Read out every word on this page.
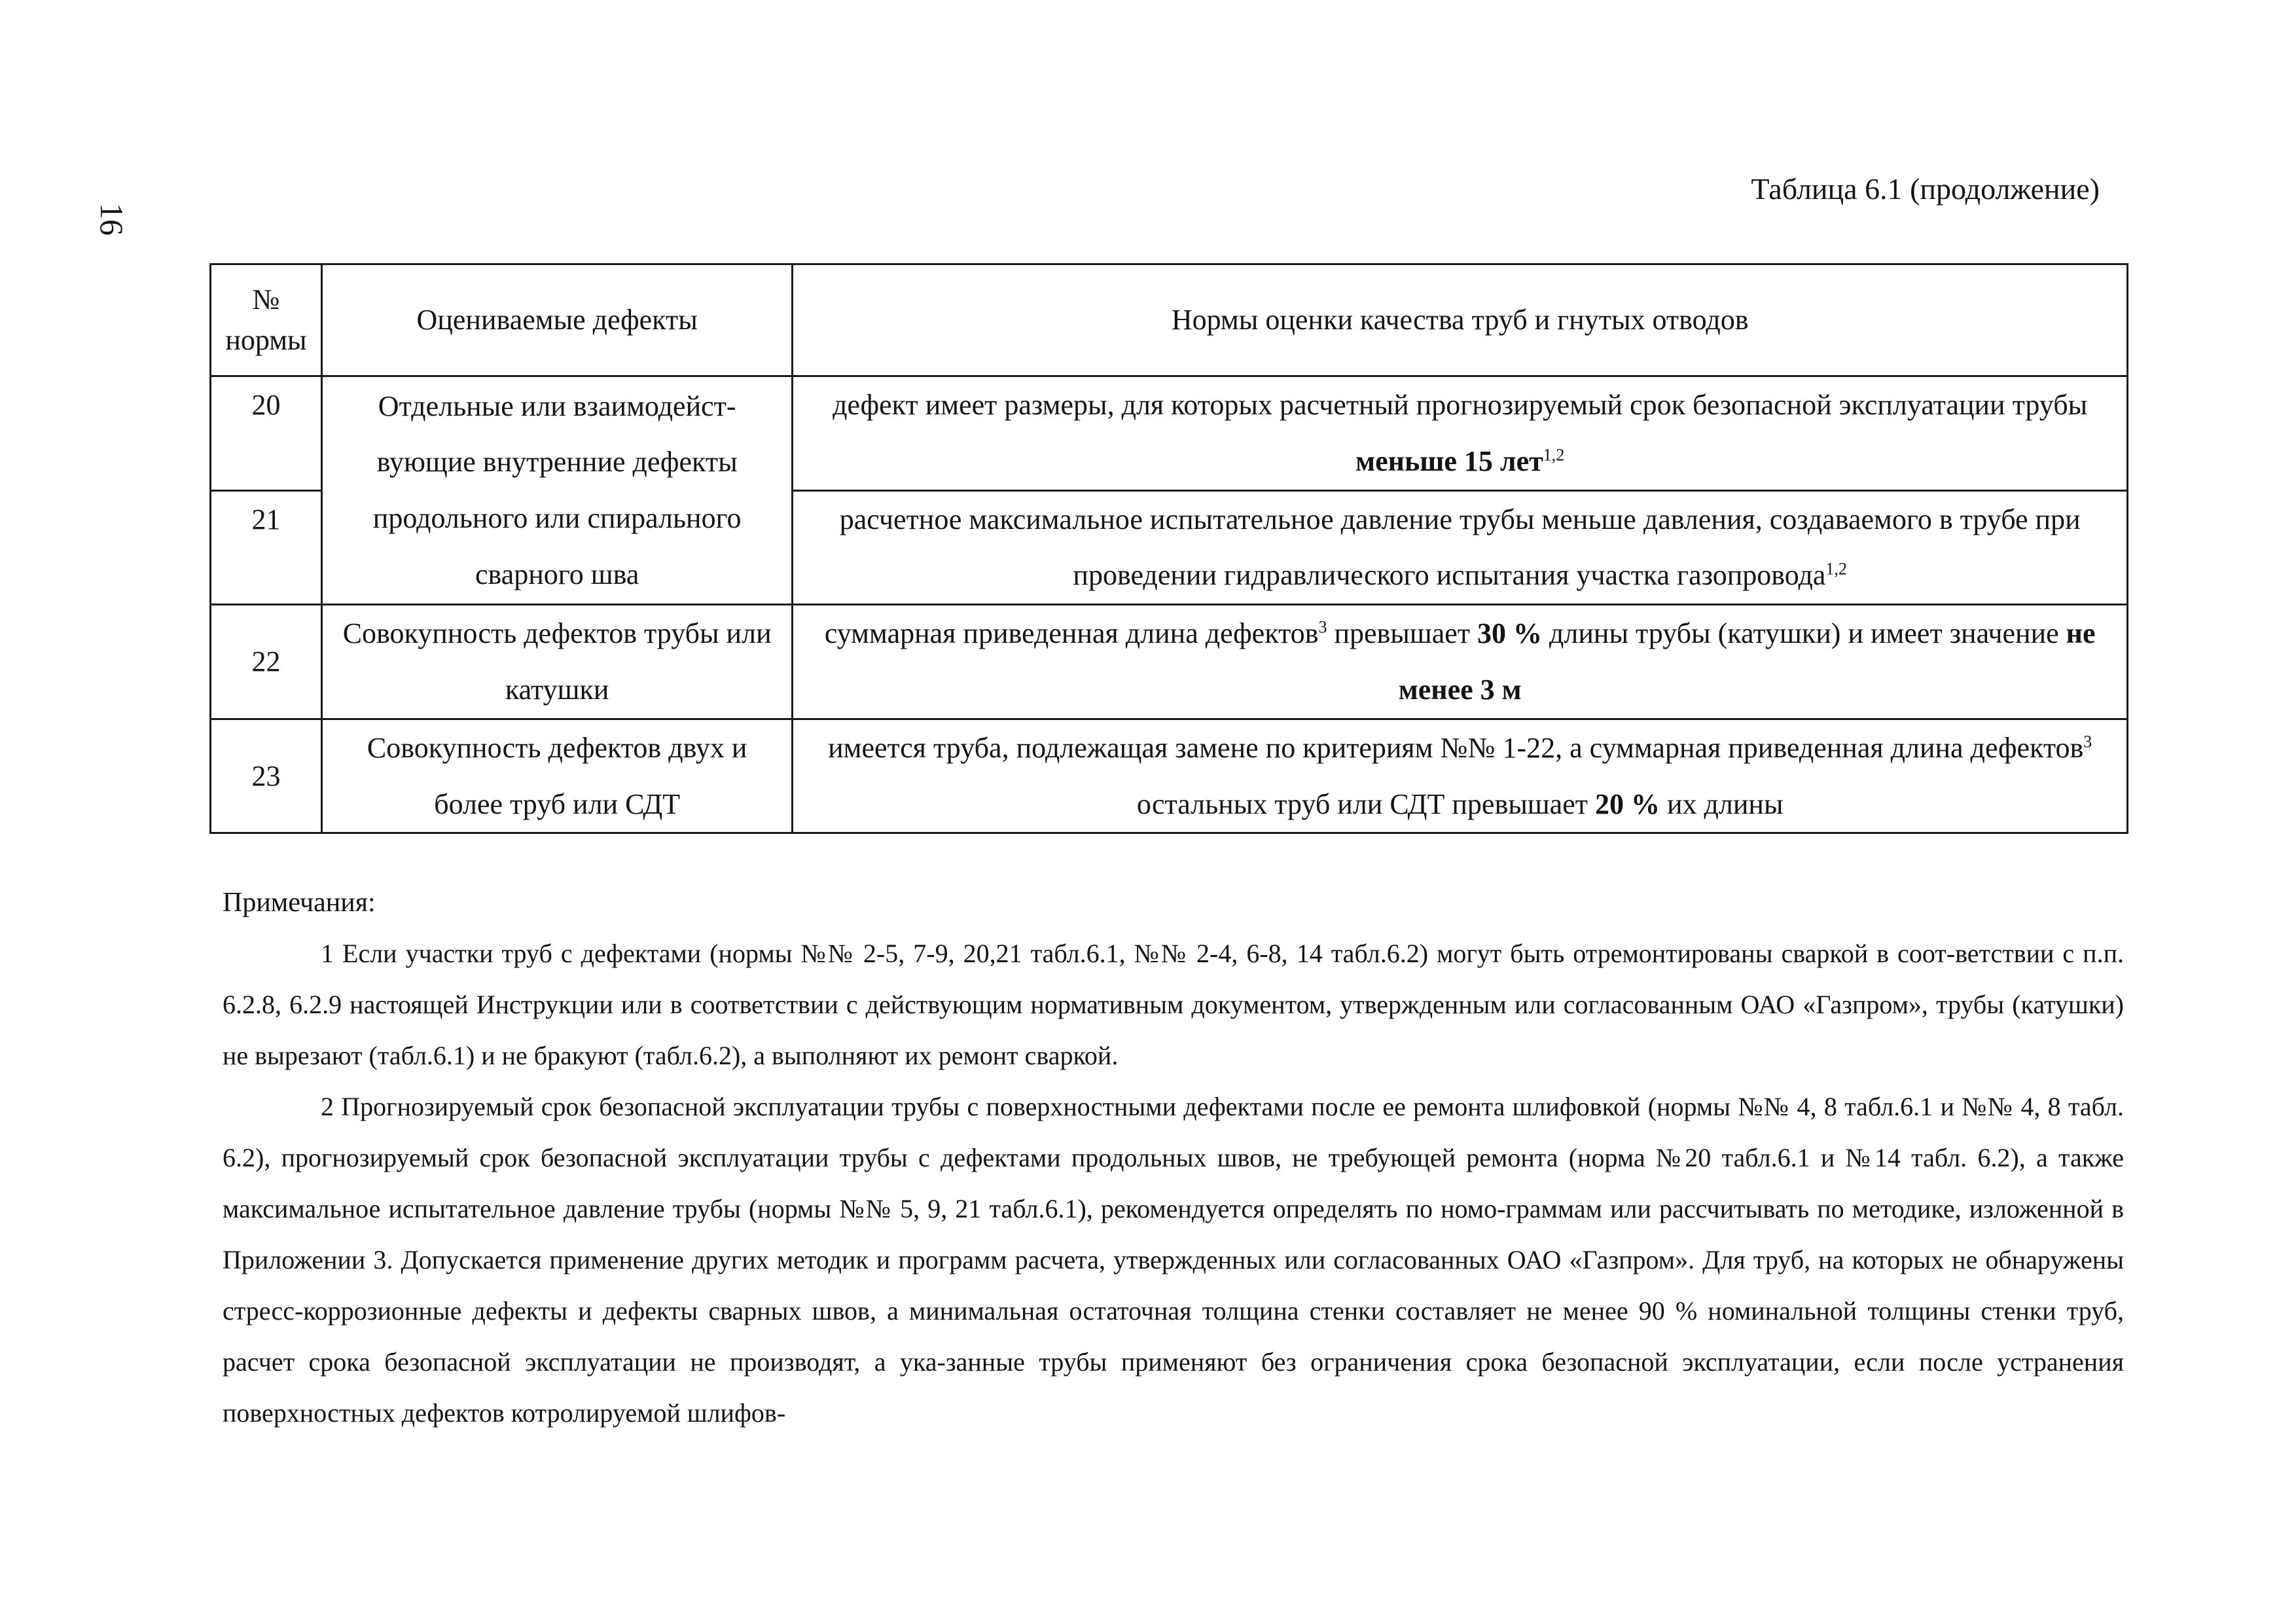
16
Таблица 6.1 (продолжение)
№ нормы	Оцениваемые дефекты	Нормы оценки качества труб и гнутых отводов
20	Отдельные или взаимодейст-вующие внутренние дефекты продольного или спирального сварного шва	дефект имеет размеры, для которых расчетный прогнозируемый срок безопасной эксплуатации трубы меньше 15 лет$^{1,2}$
21		расчетное максимальное испытательное давление трубы меньше давления, создаваемого в трубе при проведении гидравлического испытания участка газопровода$^{1,2}$
22	Совокупность дефектов трубы или катушки	суммарная приведенная длина дефектов$^3$ превышает 30 % длины трубы (катушки) и имеет значение не менее 3 м
23	Совокупность дефектов двух и более труб или СДТ	имеется труба, подлежащая замене по критериям №№ 1-22, а суммарная приведенная длина дефектов$^3$ остальных труб или СДТ превышает 20 % их длины
Примечания:

1 Если участки труб с дефектами (нормы №№ 2-5, 7-9, 20,21 табл.6.1, №№ 2-4, 6-8, 14 табл.6.2) могут быть отремонтированы сваркой в соот-ветствии с п.п. 6.2.8, 6.2.9 настоящей Инструкции или в соответствии с действующим нормативным документом, утвержденным или согласованным ОАО «Газпром», трубы (катушки) не вырезают (табл.6.1) и не бракуют (табл.6.2), а выполняют их ремонт сваркой.

2 Прогнозируемый срок безопасной эксплуатации трубы с поверхностными дефектами после ее ремонта шлифовкой (нормы №№ 4, 8 табл.6.1 и №№ 4, 8 табл. 6.2), прогнозируемый срок безопасной эксплуатации трубы с дефектами продольных швов, не требующей ремонта (норма №20 табл.6.1 и №14 табл. 6.2), а также максимальное испытательное давление трубы (нормы №№ 5, 9, 21 табл.6.1), рекомендуется определять по номо-граммам или рассчитывать по методике, изложенной в Приложении 3. Допускается применение других методик и программ расчета, утвержденных или согласованных ОАО «Газпром». Для труб, на которых не обнаружены стресс-коррозионные дефекты и дефекты сварных швов, а минимальная остаточная толщина стенки составляет не менее 90 % номинальной толщины стенки труб, расчет срока безопасной эксплуатации не производят, а ука-занные трубы применяют без ограничения срока безопасной эксплуатации, если после устранения поверхностных дефектов котролируемой шлифов-
